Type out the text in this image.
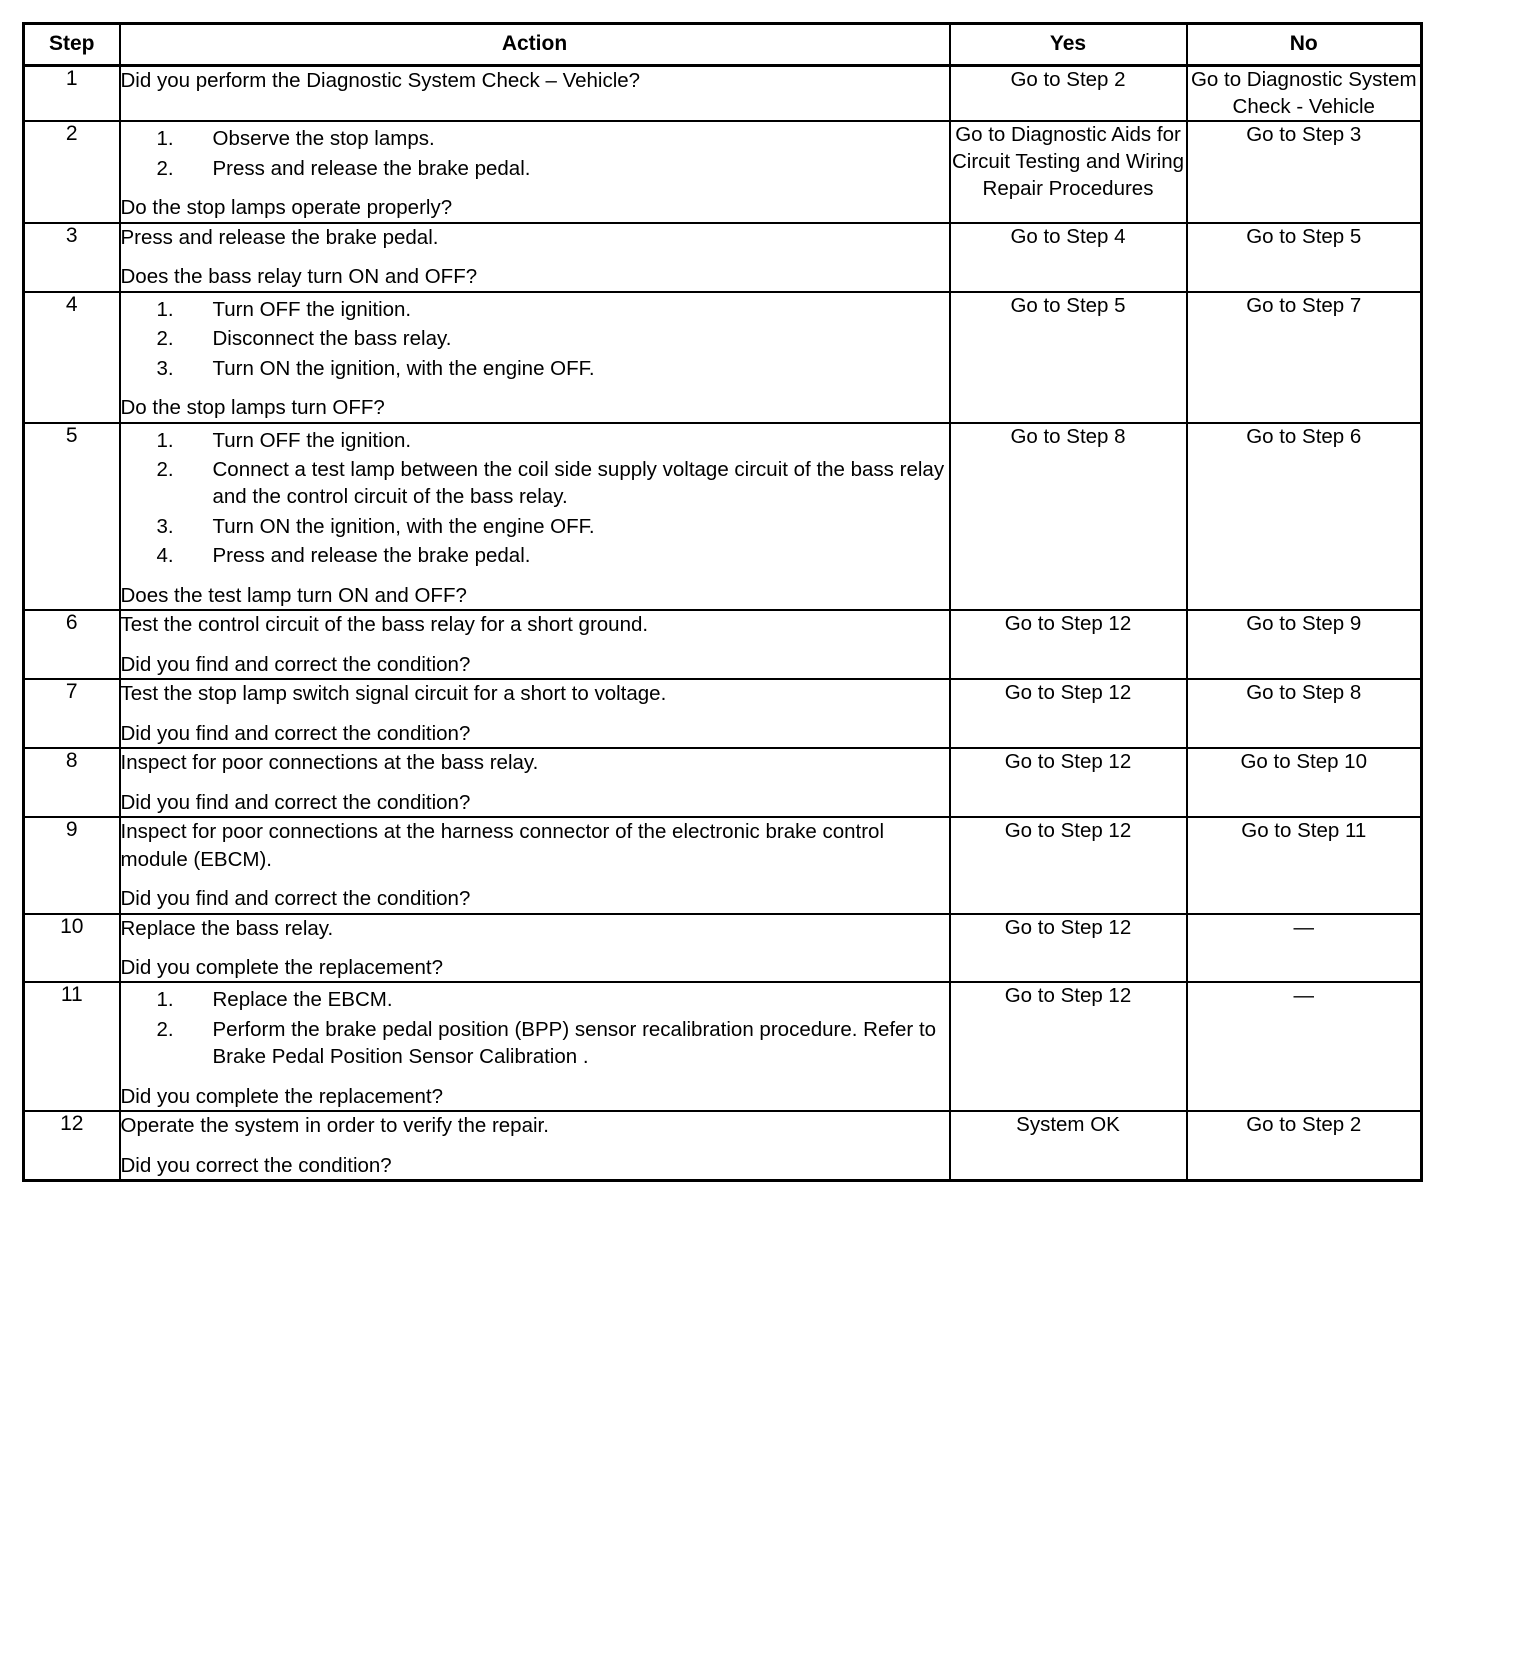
Step	Action	Yes	No
1	Did you perform the Diagnostic System Check – Vehicle?	Go to Step 2	Go to Diagnostic System Check - Vehicle
2	Observe the stop lamps.
Press and release the brake pedal.
Do the stop lamps operate properly?
	Go to Diagnostic Aids for Circuit Testing and Wiring Repair Procedures	Go to Step 3
3	Press and release the brake pedal.
Does the bass relay turn ON and OFF?	Go to Step 4	Go to Step 5
4	Turn OFF the ignition.
Disconnect the bass relay.
Turn ON the ignition, with the engine OFF.
Do the stop lamps turn OFF?
	Go to Step 5	Go to Step 7
5	Turn OFF the ignition.
Connect a test lamp between the coil side supply voltage circuit of the bass relay and the control circuit of the bass relay.
Turn ON the ignition, with the engine OFF.
Press and release the brake pedal.
Does the test lamp turn ON and OFF?
	Go to Step 8	Go to Step 6
6	Test the control circuit of the bass relay for a short ground.
Did you find and correct the condition?	Go to Step 12	Go to Step 9
7	Test the stop lamp switch signal circuit for a short to voltage.
Did you find and correct the condition?	Go to Step 12	Go to Step 8
8	Inspect for poor connections at the bass relay.
Did you find and correct the condition?	Go to Step 12	Go to Step 10
9	Inspect for poor connections at the harness connector of the electronic brake control module (EBCM).
Did you find and correct the condition?	Go to Step 12	Go to Step 11
10	Replace the bass relay.
Did you complete the replacement?	Go to Step 12	—
11	Replace the EBCM.
Perform the brake pedal position (BPP) sensor recalibration procedure. Refer to Brake Pedal Position Sensor Calibration .
Did you complete the replacement?
	Go to Step 12	—
12	Operate the system in order to verify the repair.
Did you correct the condition?	System OK	Go to Step 2
